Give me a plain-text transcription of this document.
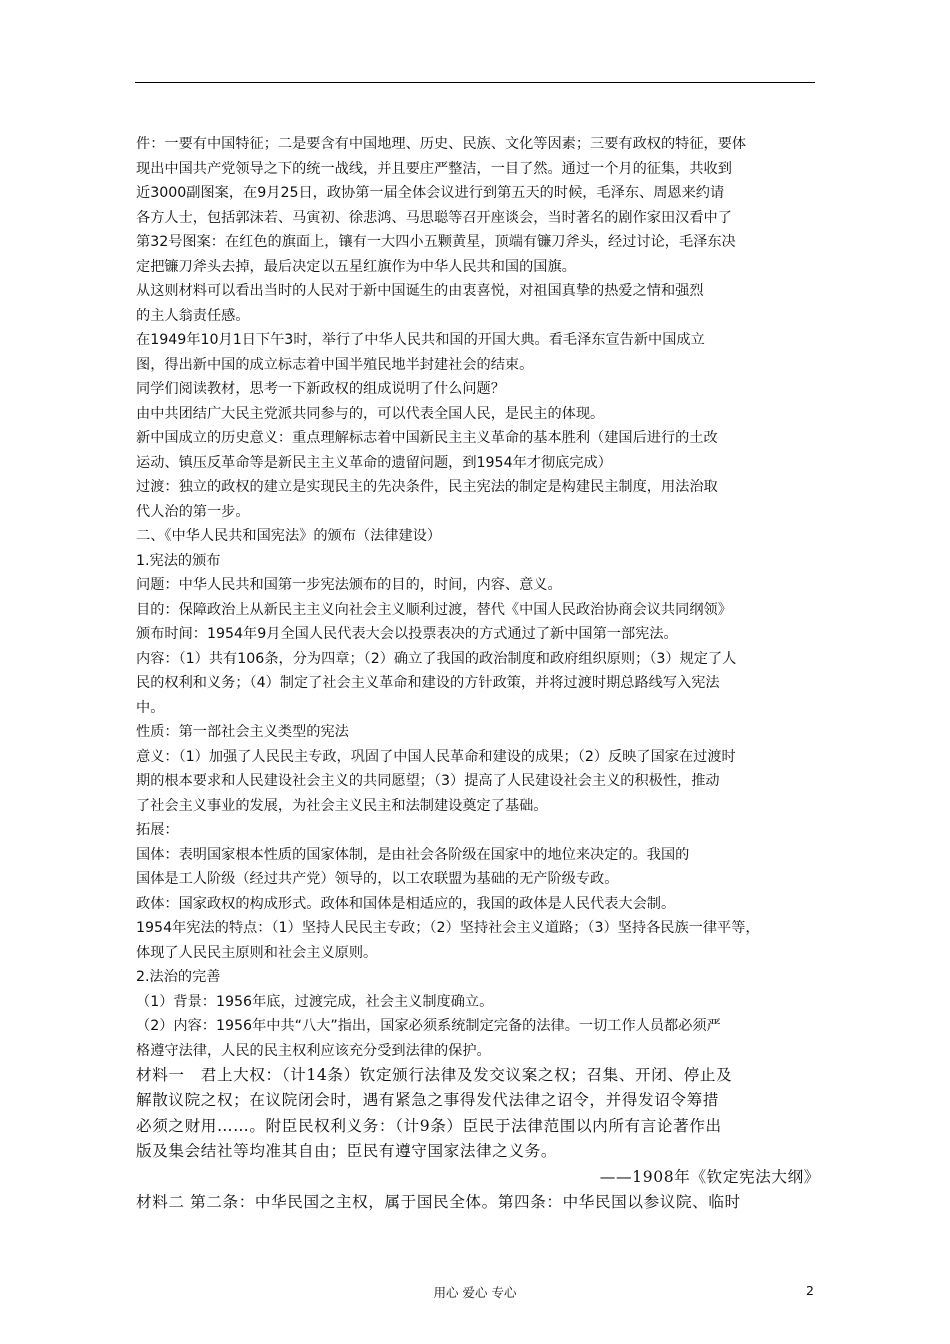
件：一要有中国特征；二是要含有中国地理、历史、民族、文化等因素；三要有政权的特征，要体
现出中国共产党领导之下的统一战线，并且要庄严整洁，一目了然。通过一个月的征集，共收到
近3000副图案，在9月25日，政协第一届全体会议进行到第五天的时候，毛泽东、周恩来约请
各方人士，包括郭沫若、马寅初、徐悲鸿、马思聪等召开座谈会，当时著名的剧作家田汉看中了
第32号图案：在红色的旗面上，镶有一大四小五颗黄星，顶端有镰刀斧头，经过讨论，毛泽东决
定把镰刀斧头去掉，最后决定以五星红旗作为中华人民共和国的国旗。
从这则材料可以看出当时的人民对于新中国诞生的由衷喜悦，对祖国真挚的热爱之情和强烈
的主人翁责任感。
在1949年10月1日下午3时，举行了中华人民共和国的开国大典。看毛泽东宣告新中国成立
图，得出新中国的成立标志着中国半殖民地半封建社会的结束。
同学们阅读教材，思考一下新政权的组成说明了什么问题？
由中共团结广大民主党派共同参与的，可以代表全国人民，是民主的体现。
新中国成立的历史意义：重点理解标志着中国新民主主义革命的基本胜利（建国后进行的土改
运动、镇压反革命等是新民主主义革命的遗留问题，到1954年才彻底完成）
过渡：独立的政权的建立是实现民主的先决条件，民主宪法的制定是构建民主制度，用法治取
代人治的第一步。
二、《中华人民共和国宪法》的颁布（法律建设）
1.宪法的颁布
问题：中华人民共和国第一步宪法颁布的目的，时间，内容、意义。
目的：保障政治上从新民主主义向社会主义顺利过渡，替代《中国人民政治协商会议共同纲领》
颁布时间：1954年9月全国人民代表大会以投票表决的方式通过了新中国第一部宪法。
内容：（1）共有106条，分为四章；（2）确立了我国的政治制度和政府组织原则；（3）规定了人
民的权利和义务；（4）制定了社会主义革命和建设的方针政策，并将过渡时期总路线写入宪法
中。
性质：第一部社会主义类型的宪法
意义：（1）加强了人民民主专政，巩固了中国人民革命和建设的成果；（2）反映了国家在过渡时
期的根本要求和人民建设社会主义的共同愿望；（3）提高了人民建设社会主义的积极性，推动
了社会主义事业的发展，为社会主义民主和法制建设奠定了基础。
拓展：
国体：表明国家根本性质的国家体制，是由社会各阶级在国家中的地位来决定的。我国的
国体是工人阶级（经过共产党）领导的，以工农联盟为基础的无产阶级专政。
政体：国家政权的构成形式。政体和国体是相适应的，我国的政体是人民代表大会制。
1954年宪法的特点：（1）坚持人民民主专政；（2）坚持社会主义道路；（3）坚持各民族一律平等，
体现了人民民主原则和社会主义原则。
2.法治的完善
（1）背景：1956年底，过渡完成，社会主义制度确立。
（2）内容：1956年中共“八大”指出，国家必须系统制定完备的法律。一切工作人员都必须严
格遵守法律，人民的民主权利应该充分受到法律的保护。
材料一　君上大权：（计14条）钦定颁行法律及发交议案之权；召集、开闭、停止及
解散议院之权；在议院闭会时，遇有紧急之事得发代法律之诏令，并得发诏令筹措
必须之财用……。附臣民权利义务：（计9条）臣民于法律范围以内所有言论著作出
版及集会结社等均准其自由；臣民有遵守国家法律之义务。
——1908年《钦定宪法大纲》
材料二 第二条：中华民国之主权，属于国民全体。第四条：中华民国以参议院、临时
用心 爱心 专心	2
